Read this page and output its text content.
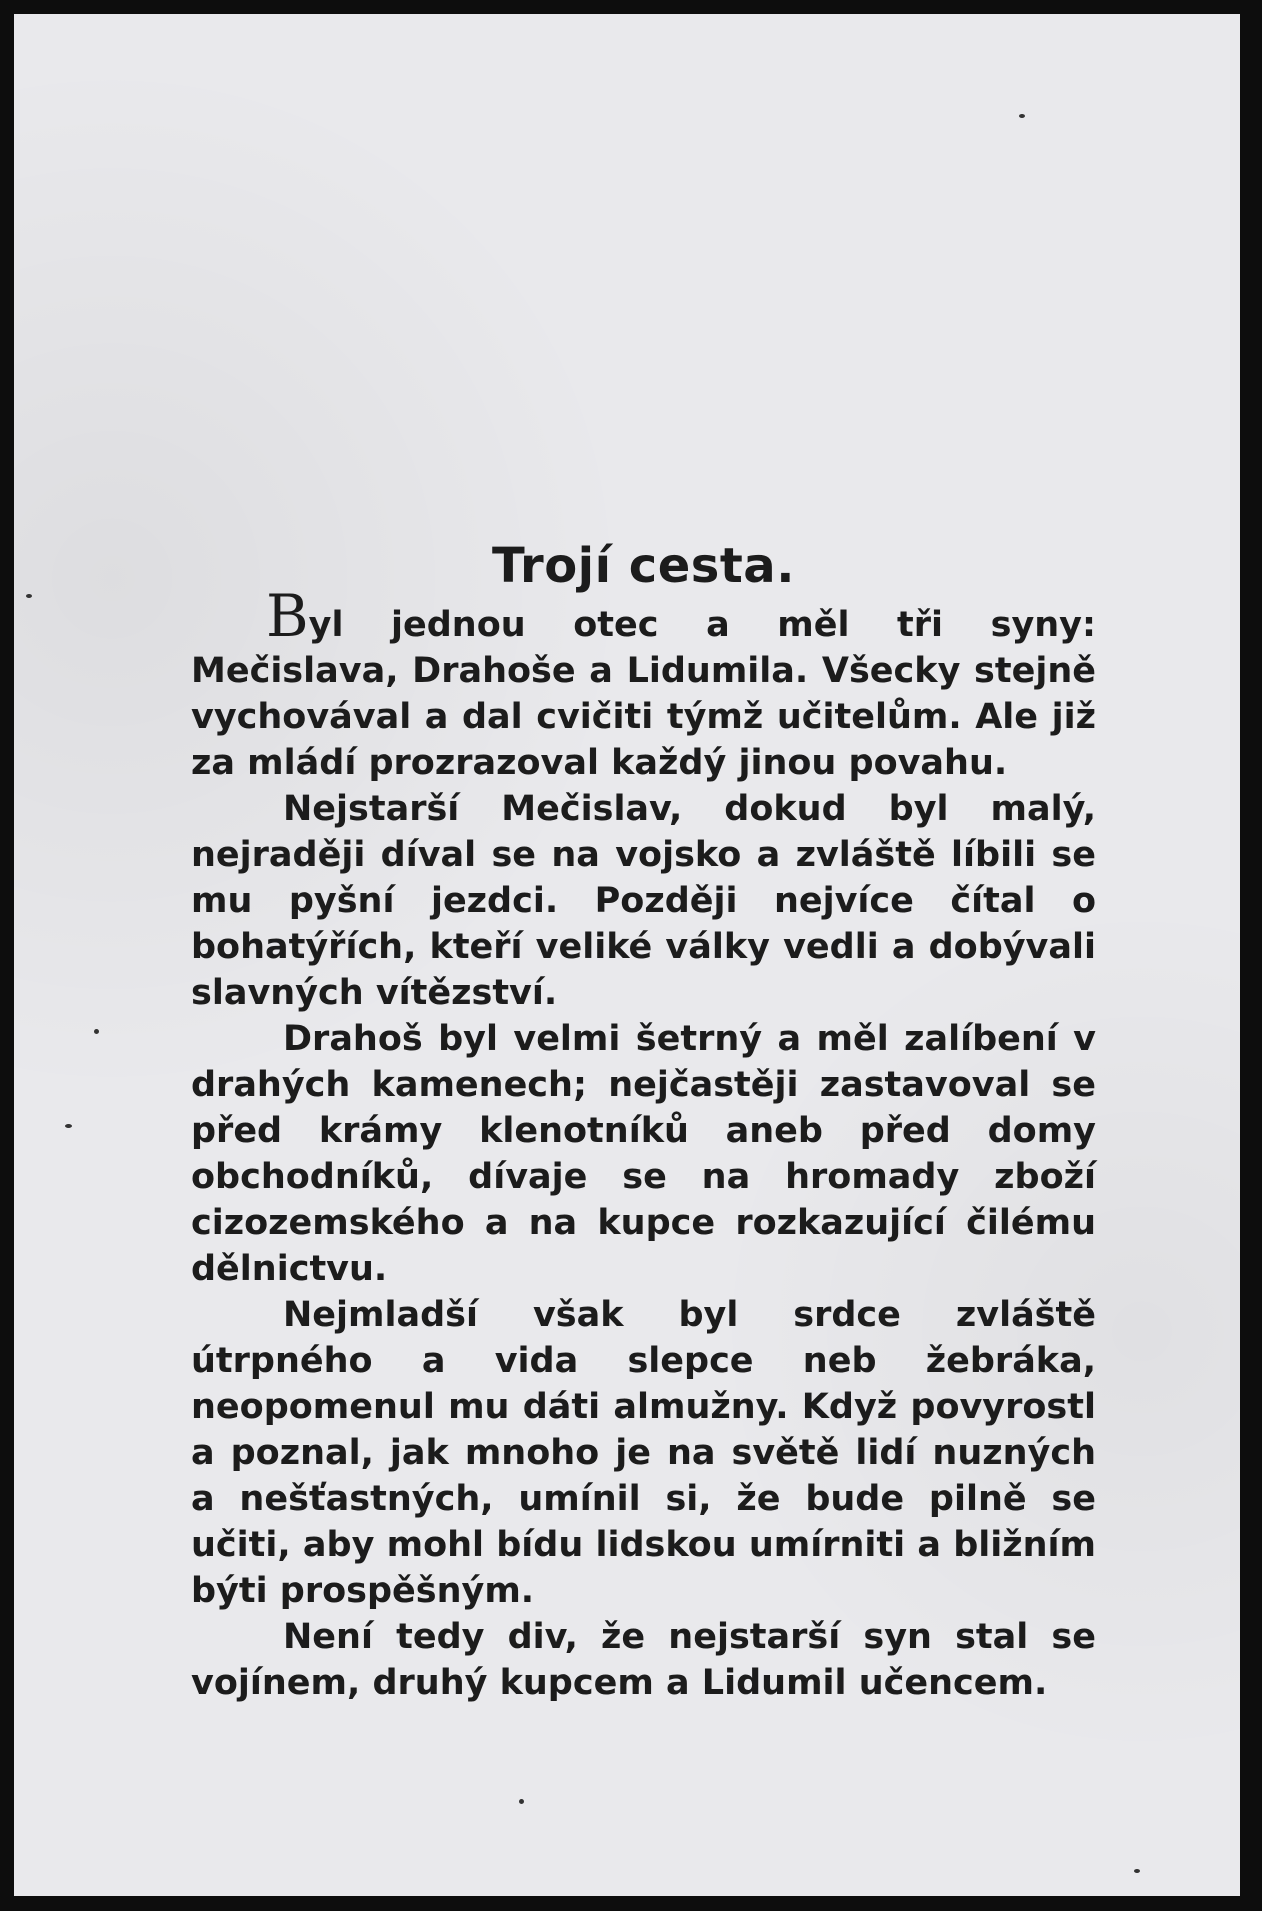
Trojí cesta.

Byl jednou otec a měl tři syny: Mečislava, Drahoše a Lidumila. Všecky stejně vychovával a dal cvičiti týmž učitelům. Ale již za mládí prozrazoval každý jinou povahu.

Nejstarší Mečislav, dokud byl malý, nejraději díval se na vojsko a zvláště líbili se mu pyšní jezdci. Později nejvíce čítal o bohatýřích, kteří veliké války vedli a dobývali slavných vítězství.

Drahoš byl velmi šetrný a měl zalíbení v drahých kamenech; nejčastěji zastavoval se před krámy klenotníků aneb před domy obchodníků, dívaje se na hromady zboží cizozemského a na kupce rozkazující čilému dělnictvu.

Nejmladší však byl srdce zvláště útrpného a vida slepce neb žebráka, neopomenul mu dáti almužny. Když povyrostl a poznal, jak mnoho je na světě lidí nuzných a nešťastných, umínil si, že bude pilně se učiti, aby mohl bídu lidskou umírniti a bližním býti prospěšným.

Není tedy div, že nejstarší syn stal se vojínem, druhý kupcem a Lidumil učencem.
